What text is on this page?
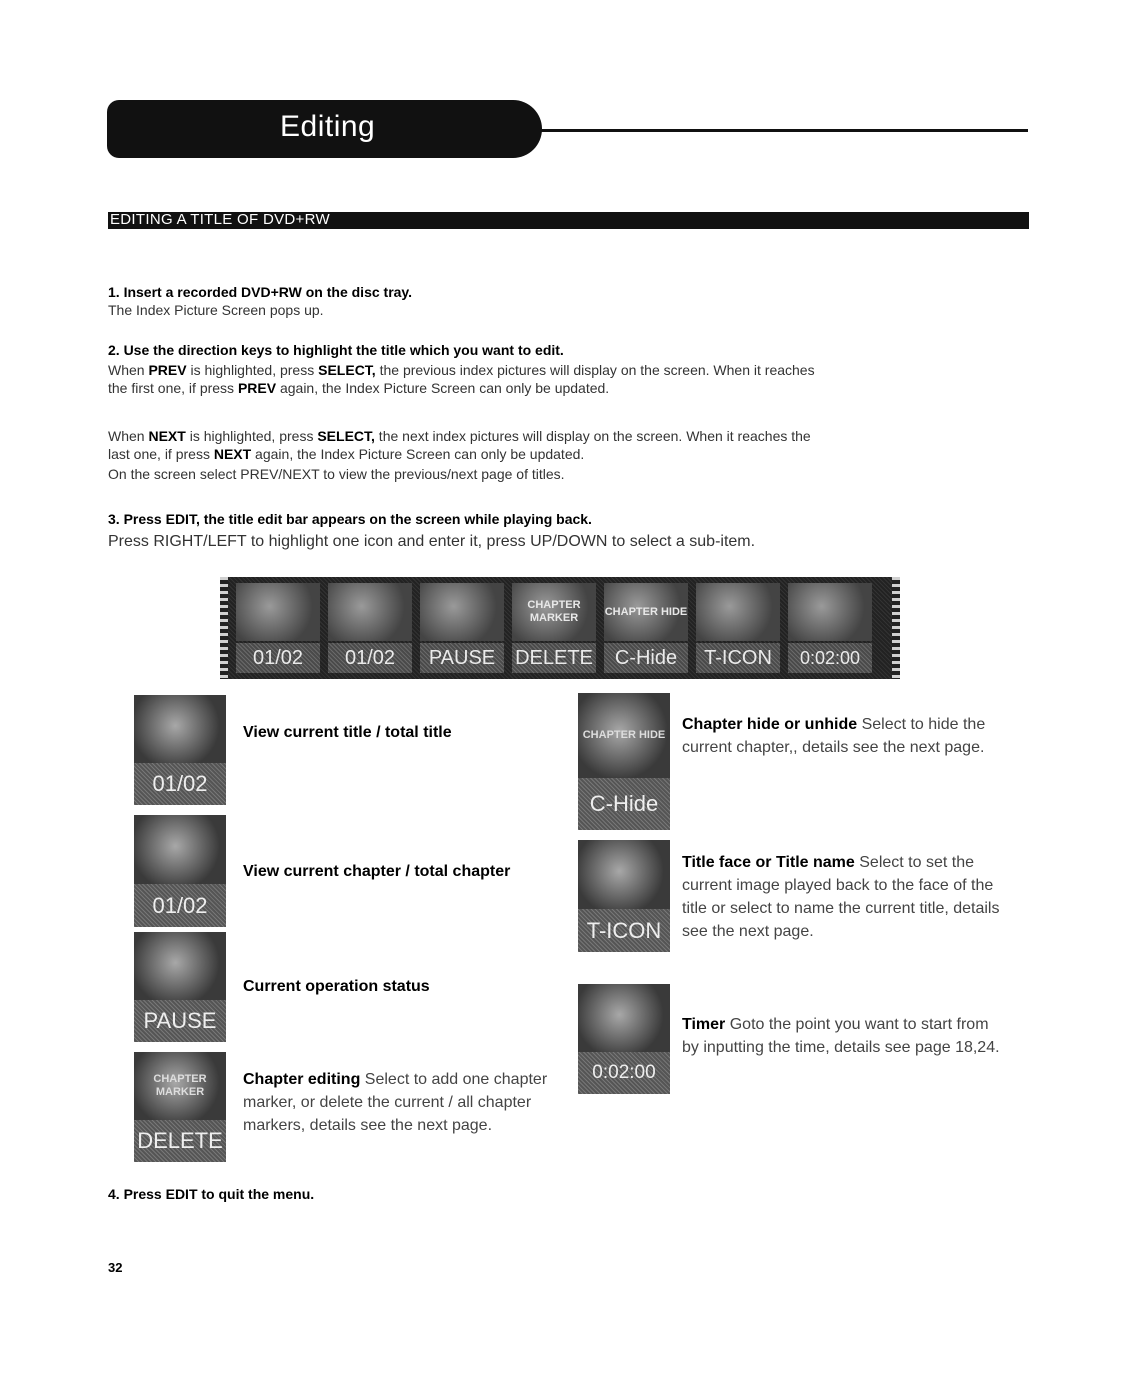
Editing
EDITING A TITLE OF DVD+RW
1. Insert a recorded DVD+RW on the disc tray.
The Index Picture Screen pops up.
2. Use the direction keys to highlight the title which you want to edit.
When PREV is highlighted, press SELECT, the previous index pictures will display on the screen. When it reaches
the first one, if press PREV again, the Index Picture Screen can only be updated.
When NEXT is highlighted, press SELECT, the next index pictures will display on the screen. When it reaches the
last one, if press NEXT again, the Index Picture Screen can only be updated.
On the screen select PREV/NEXT to view the previous/next page of titles.
3. Press EDIT, the title edit bar appears on the screen while playing back.
Press RIGHT/LEFT to highlight one icon and enter it, press UP/DOWN to select a sub-item.
01/02	01/02	PAUSE
CHAPTER MARKER
DELETE
CHAPTER HIDE
C-Hide	T-ICON	0:02:00
01/02
View current title / total title
01/02
View current chapter / total chapter
PAUSE
Current operation status
CHAPTER MARKER
DELETE
Chapter editing Select to add one chapter marker, or delete the current / all chapter markers, details see the next page.
CHAPTER HIDE
C-Hide
Chapter hide or unhide Select to hide the current chapter,, details see the next page.
T-ICON
Title face or Title name Select to set the current image played back to the face of the title or select to name the current title, details see the next page.
0:02:00
Timer Goto the point you want to start from by inputting the time, details see page 18,24.
4. Press EDIT to quit the menu.
32
